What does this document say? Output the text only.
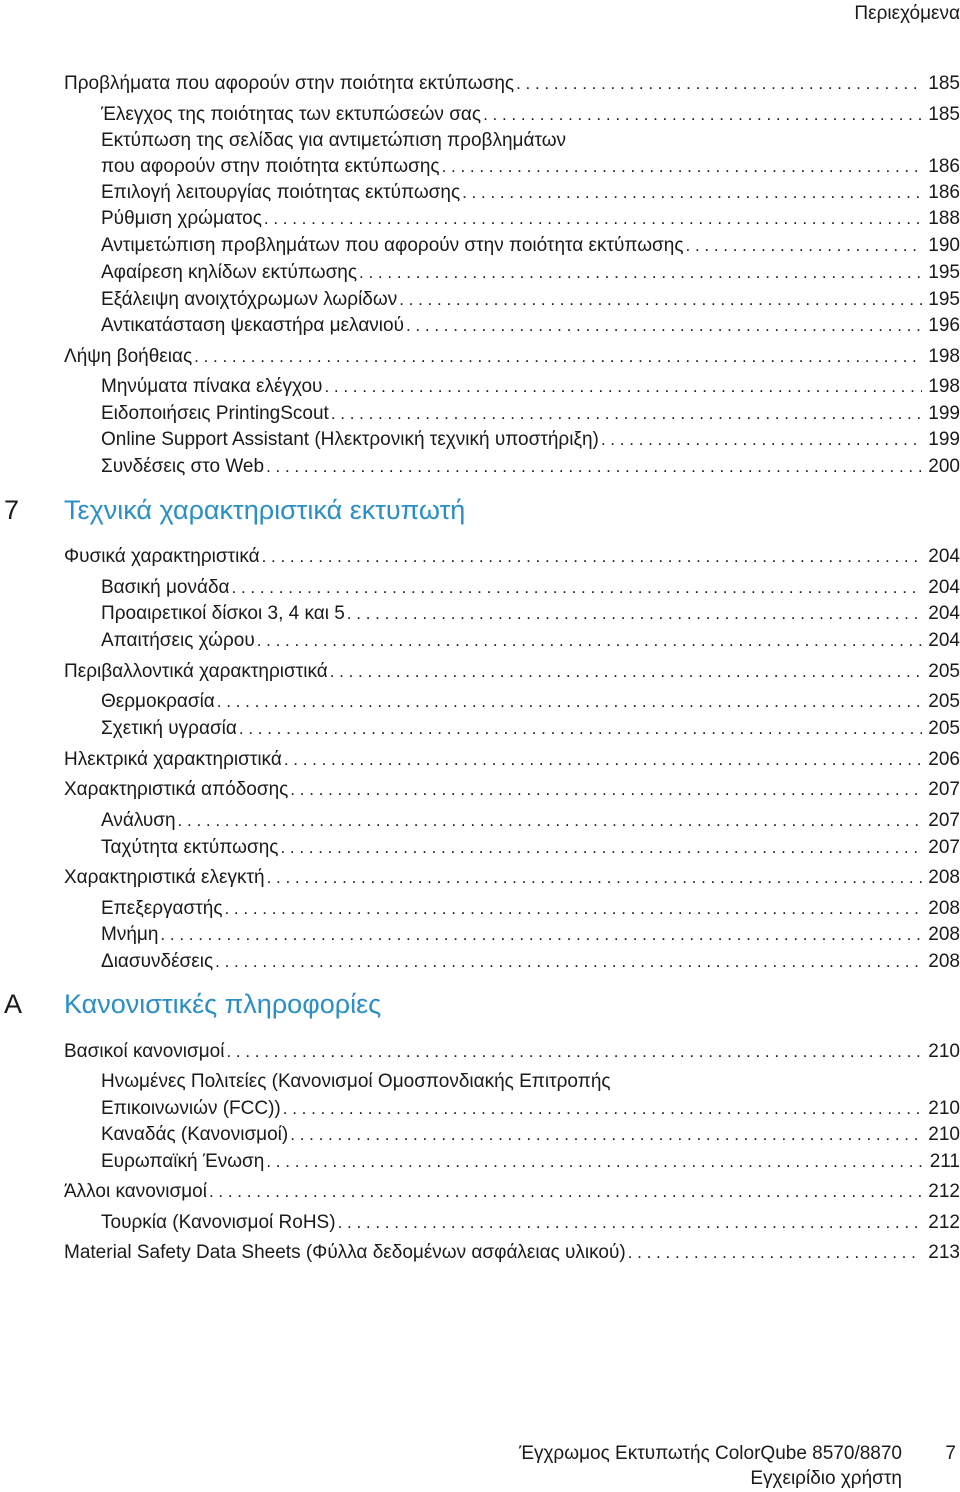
Περιεχόμενα
Προβλήματα που αφορούν στην ποιότητα εκτύπωσης . . .	185
Έλεγχος της ποιότητας των εκτυπώσεών σας . . .	185
Εκτύπωση της σελίδας για αντιμετώπιση προβλημάτων
που αφορούν στην ποιότητα εκτύπωσης . . .	186
Επιλογή λειτουργίας ποιότητας εκτύπωσης . . .	186
Ρύθμιση χρώματος . . .	188
Αντιμετώπιση προβλημάτων που αφορούν στην ποιότητα εκτύπωσης . . .	190
Αφαίρεση κηλίδων εκτύπωσης . . .	195
Εξάλειψη ανοιχτόχρωμων λωρίδων . . .	195
Αντικατάσταση ψεκαστήρα μελανιού . . .	196
Λήψη βοήθειας . . .	198
Μηνύματα πίνακα ελέγχου . . .	198
Ειδοποιήσεις PrintingScout . . .	199
Online Support Assistant (Ηλεκτρονική τεχνική υποστήριξη) . . .	199
Συνδέσεις στο Web . . .	200
7 Τεχνικά χαρακτηριστικά εκτυπωτή
Φυσικά χαρακτηριστικά . . .	204
Βασική μονάδα . . .	204
Προαιρετικοί δίσκοι 3, 4 και 5 . . .	204
Απαιτήσεις χώρου . . .	204
Περιβαλλοντικά χαρακτηριστικά . . .	205
Θερμοκρασία . . .	205
Σχετική υγρασία . . .	205
Ηλεκτρικά χαρακτηριστικά . . .	206
Χαρακτηριστικά απόδοσης . . .	207
Ανάλυση . . .	207
Ταχύτητα εκτύπωσης . . .	207
Χαρακτηριστικά ελεγκτή . . .	208
Επεξεργαστής . . .	208
Μνήμη . . .	208
Διασυνδέσεις . . .	208
A Κανονιστικές πληροφορίες
Βασικοί κανονισμοί . . .	210
Ηνωμένες Πολιτείες (Κανονισμοί Ομοσπονδιακής Επιτροπής
Επικοινωνιών (FCC)) . . .	210
Καναδάς (Κανονισμοί) . . .	210
Ευρωπαϊκή Ένωση . . .	211
Άλλοι κανονισμοί . . .	212
Τουρκία (Κανονισμοί RoHS) . . .	212
Material Safety Data Sheets (Φύλλα δεδομένων ασφάλειας υλικού) . . .	213
Έγχρωμος Εκτυπωτής ColorQube 8570/8870
Εγχειρίδιο χρήστη
7
